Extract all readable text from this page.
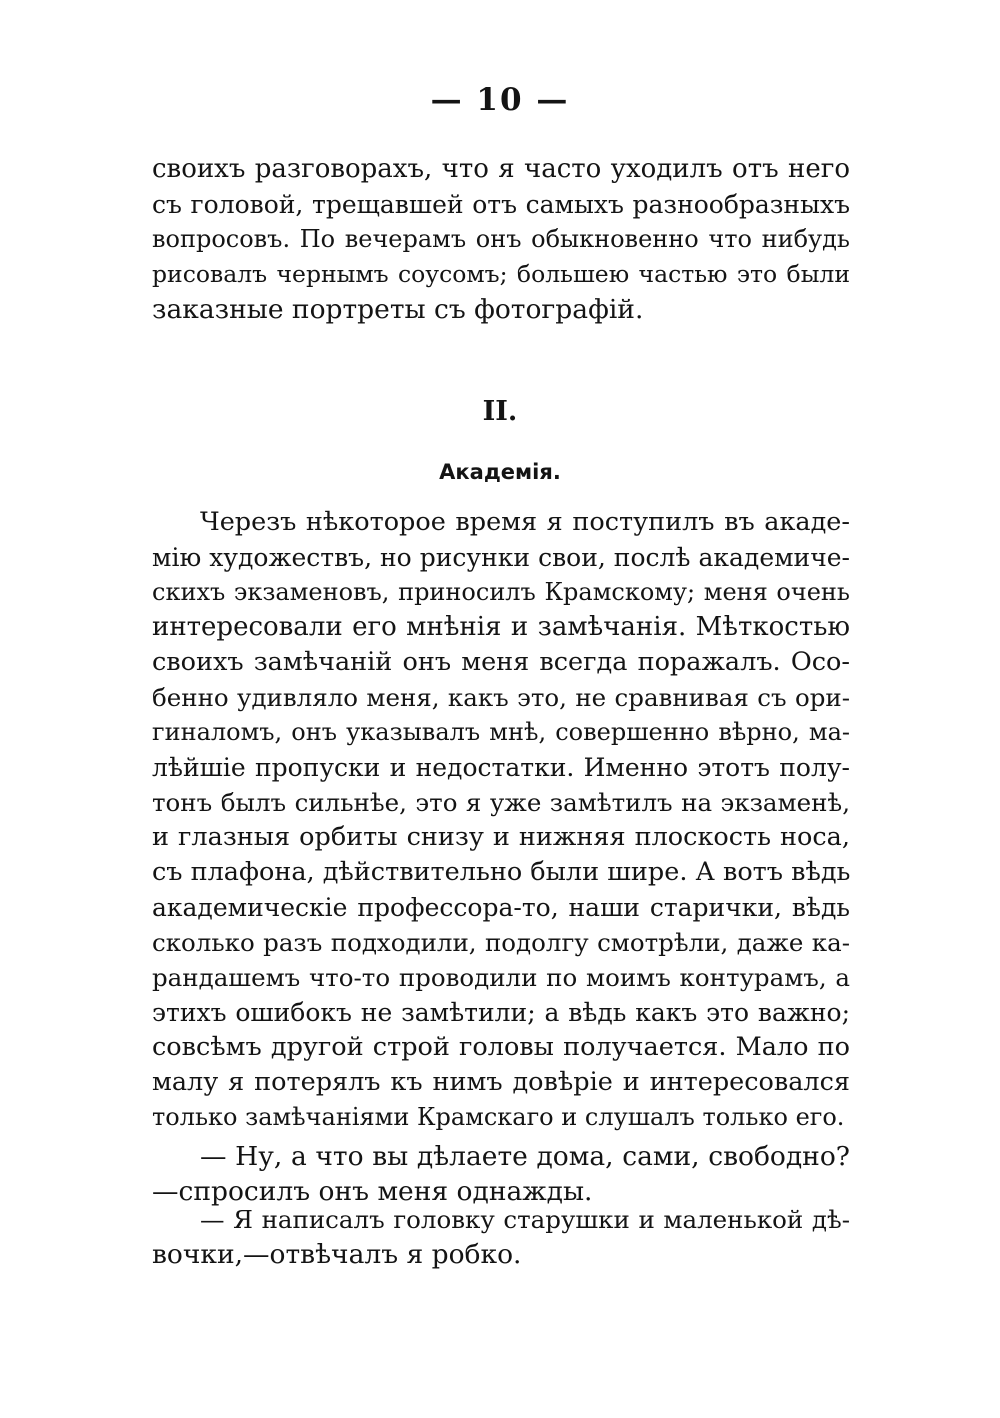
— 10 —
своихъ разговорахъ, что я часто уходилъ отъ него
съ головой, трещавшей отъ самыхъ разнообразныхъ
вопросовъ. По вечерамъ онъ обыкновенно что нибудь
рисовалъ чернымъ соусомъ; большею частью это были
заказные портреты съ фотографій.
II.
Академія.
Черезъ нѣкоторое время я поступилъ въ акаде-
мію художествъ, но рисунки свои, послѣ академиче-
скихъ экзаменовъ, приносилъ Крамскому; меня очень
интересовали его мнѣнія и замѣчанія. Мѣткостью
своихъ замѣчаній онъ меня всегда поражалъ. Осо-
бенно удивляло меня, какъ это, не сравнивая съ ори-
гиналомъ, онъ указывалъ мнѣ, совершенно вѣрно, ма-
лѣйшіе пропуски и недостатки. Именно этотъ полу-
тонъ былъ сильнѣе, это я уже замѣтилъ на экзаменѣ,
и глазныя орбиты снизу и нижняя плоскость носа,
съ плафона, дѣйствительно были шире. А вотъ вѣдь
академическіе профессора-то, наши старички, вѣдь
сколько разъ подходили, подолгу смотрѣли, даже ка-
рандашемъ что-то проводили по моимъ контурамъ, а
этихъ ошибокъ не замѣтили; а вѣдь какъ это важно;
совсѣмъ другой строй головы получается. Мало по
малу я потерялъ къ нимъ довѣріе и интересовался
только замѣчаніями Крамскаго и слушалъ только его.
— Ну, а что вы дѣлаете дома, сами, свободно?
—спросилъ онъ меня однажды.
— Я написалъ головку старушки и маленькой дѣ-
вочки,—отвѣчалъ я робко.
